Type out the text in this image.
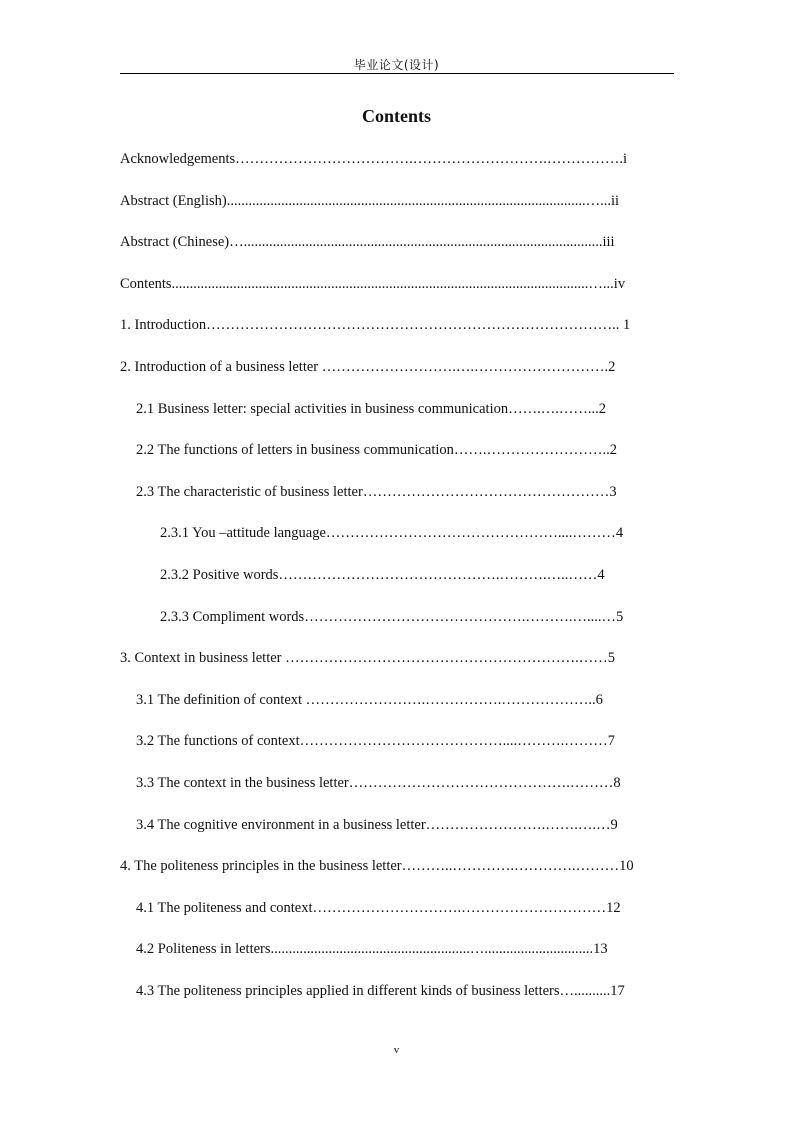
毕业论文(设计)
Contents
Acknowledgements……………………………….……………………….…………….i
Abstract (English)...................................................................................................…...ii
Abstract (Chinese)…...................................................................................................iii
Contents...................................................................................................................…...iv
1. Introduction………………………………………………………………………….. 1
2. Introduction of a business letter ……………………….….……………………….2
2.1 Business letter: special activities in business communication…….….……...2
2.2 The functions of letters in business communication…….……………………..2
2.3 The characteristic of business letter……………………………………………3
2.3.1 You –attitude language…………………………………………....………4
2.3.2 Positive words……………………………………….……….…..……4
2.3.3 Compliment words……………………………………….……….…....…5
3. Context in business letter …………………………………………………….……5
3.1 The definition of context …………………….…………….………………..6
3.2 The functions of context……………………………………....……….………7
3.3 The context in the business letter……………………………………….………8
3.4 The cognitive environment in a business letter…………………….…….….…9
4. The politeness principles in the business letter………..………….………….………10
4.1 The politeness and context………………………….…………………………12
4.2 Politeness in letters.......................................................…..............................13
4.3 The politeness principles applied in different kinds of business letters…..........17
v
